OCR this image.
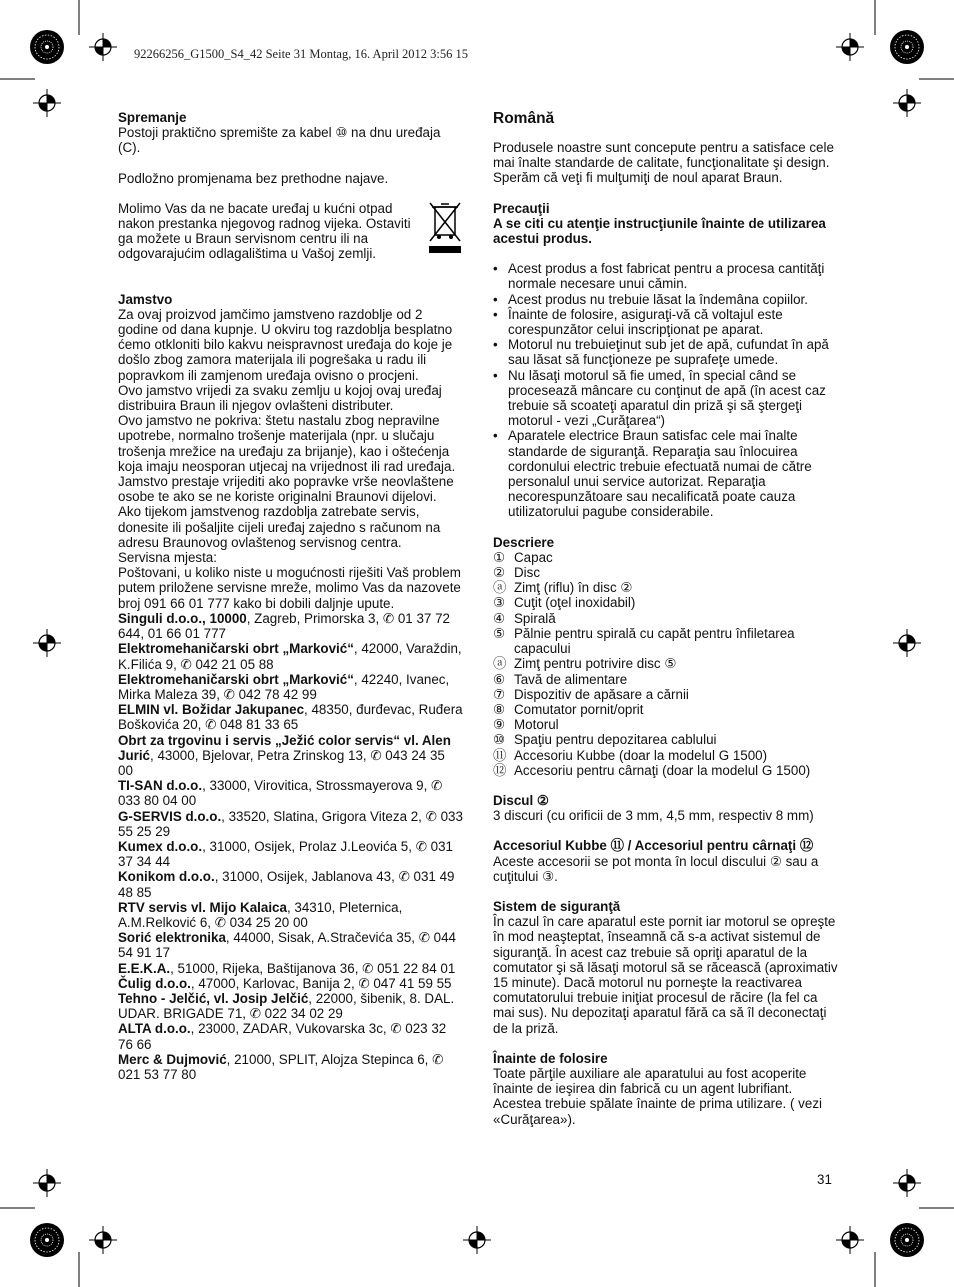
92266256_G1500_S4_42 Seite 31 Montag, 16. April 2012 3:56 15

Spremanje

Postoji praktično spremište za kabel ⑩ na dnu uređaja (C).

Podložno promjenama bez prethodne najave.

Molimo Vas da ne bacate uređaj u kućni otpad nakon prestanka njegovog radnog vijeka. Ostaviti ga možete u Braun servisnom centru ili na odgovarajućim odlagalištima u Vašoj zemlji.

Jamstvo

Za ovaj proizvod jamčimo jamstveno razdoblje od 2 godine od dana kupnje. U okviru tog razdoblja besplatno ćemo otkloniti bilo kakvu neispravnost uređaja do koje je došlo zbog zamora materijala ili pogrešaka u radu ili popravkom ili zamjenom uređaja ovisno o procjeni.

Ovo jamstvo vrijedi za svaku zemlju u kojoj ovaj uređaj distribuira Braun ili njegov ovlašteni distributer.

Ovo jamstvo ne pokriva: štetu nastalu zbog nepravilne upotrebe, normalno trošenje materijala (npr. u slučaju trošenja mrežice na uređaju za brijanje), kao i oštećenja koja imaju neosporan utjecaj na vrijednost ili rad uređaja. Jamstvo prestaje vrijediti ako popravke vrše neovlaštene osobe te ako se ne koriste originalni Braunovi dijelovi.

Ako tijekom jamstvenog razdoblja zatrebate servis, donesite ili pošaljite cijeli uređaj zajedno s računom na adresu Braunovog ovlaštenog servisnog centra.

Servisna mjesta:

Poštovani, u koliko niste u mogućnosti riješiti Vaš problem putem priložene servisne mreže, molimo Vas da nazovete broj 091 66 01 777 kako bi dobili daljnje upute.

Singuli d.o.o., 10000, Zagreb, Primorska 3, ✆ 01 37 72 644, 01 66 01 777

Elektromehaničarski obrt „Marković“, 42000, Varaždin, K.Filića 9, ✆ 042 21 05 88

Elektromehaničarski obrt „Marković“, 42240, Ivanec, Mirka Maleza 39, ✆ 042 78 42 99

ELMIN vl. Božidar Jakupanec, 48350, đurđevac, Ruđera Boškovića 20, ✆ 048 81 33 65

Obrt za trgovinu i servis „Ježić color servis“ vl. Alen Jurić, 43000, Bjelovar, Petra Zrinskog 13, ✆ 043 24 35 00

TI-SAN d.o.o., 33000, Virovitica, Strossmayerova 9, ✆ 033 80 04 00

G-SERVIS d.o.o., 33520, Slatina, Grigora Viteza 2, ✆ 033 55 25 29

Kumex d.o.o., 31000, Osijek, Prolaz J.Leovića 5, ✆ 031 37 34 44

Konikom d.o.o., 31000, Osijek, Jablanova 43, ✆ 031 49 48 85

RTV servis vl. Mijo Kalaica, 34310, Pleternica, A.M.Relković 6, ✆ 034 25 20 00

Sorić elektronika, 44000, Sisak, A.Stračevića 35, ✆ 044 54 91 17

E.E.K.A., 51000, Rijeka, Baštijanova 36, ✆ 051 22 84 01

Čulig d.o.o., 47000, Karlovac, Banija 2, ✆ 047 41 59 55

Tehno - Jelčić, vl. Josip Jelčić, 22000, šibenik, 8. DAL. UDAR. BRIGADE 71, ✆ 022 34 02 29

ALTA d.o.o., 23000, ZADAR, Vukovarska 3c, ✆ 023 32 76 66

Merc & Dujmović, 21000, SPLIT, Alojza Stepinca 6, ✆ 021 53 77 80

Română

Produsele noastre sunt concepute pentru a satisface cele mai înalte standarde de calitate, funcţionalitate şi design. Sperăm că veţi fi mulţumiţi de noul aparat Braun.

Precauţii

A se citi cu atenţie instrucţiunile înainte de utilizarea acestui produs.

• Acest produs a fost fabricat pentru a procesa cantităţi normale necesare unui cămin.
• Acest produs nu trebuie lăsat la îndemâna copiilor.
• Înainte de folosire, asiguraţi-vă că voltajul este corespunzător celui inscripţionat pe aparat.
• Motorul nu trebuieţinut sub jet de apă, cufundat în apă sau lăsat să funcţioneze pe suprafeţe umede.
• Nu lăsaţi motorul să fie umed, în special când se procesează mâncare cu conţinut de apă (în acest caz trebuie să scoateţi aparatul din priză şi să ştergeţi motorul - vezi „Curăţarea“)
• Aparatele electrice Braun satisfac cele mai înalte standarde de siguranţă. Reparaţia sau înlocuirea cordonului electric trebuie efectuată numai de către personalul unui service autorizat. Reparaţia necorespunzătoare sau necalificată poate cauza utilizatorului pagube considerabile.

Descriere

① Capac
② Disc
ⓐ Zimţ (riflu) în disc ②
③ Cuţit (oţel inoxidabil)
④ Spirală
⑤ Pălnie pentru spirală cu capăt pentru înfiletarea capacului
ⓐ Zimţ pentru potrivire disc ⑤
⑥ Tavă de alimentare
⑦ Dispozitiv de apăsare a cărnii
⑧ Comutator pornit/oprit
⑨ Motorul
⑩ Spaţiu pentru depozitarea cablului
⑪ Accesoriu Kubbe (doar la modelul G 1500)
⑫ Accesoriu pentru cârnaţi (doar la modelul G 1500)

Discul ②

3 discuri (cu orificii de 3 mm, 4,5 mm, respectiv 8 mm)

Accesoriul Kubbe ⑪ / Accesoriul pentru cârnaţi ⑫

Aceste accesorii se pot monta în locul discului ② sau a cuţitului ③.

Sistem de siguranţă

În cazul în care aparatul este pornit iar motorul se opreşte în mod neaşteptat, înseamnă că s-a activat sistemul de siguranţă. În acest caz trebuie să opriţi aparatul de la comutator şi să lăsaţi motorul să se răcească (aproximativ 15 minute). Dacă motorul nu porneşte la reactivarea comutatorului trebuie iniţiat procesul de răcire (la fel ca mai sus). Nu depozitaţi aparatul fără ca să îl deconectaţi de la priză.

Înainte de folosire

Toate părţile auxiliare ale aparatului au fost acoperite înainte de ieşirea din fabrică cu un agent lubrifiant. Acestea trebuie spălate înainte de prima utilizare. ( vezi «Curăţarea»).

31
